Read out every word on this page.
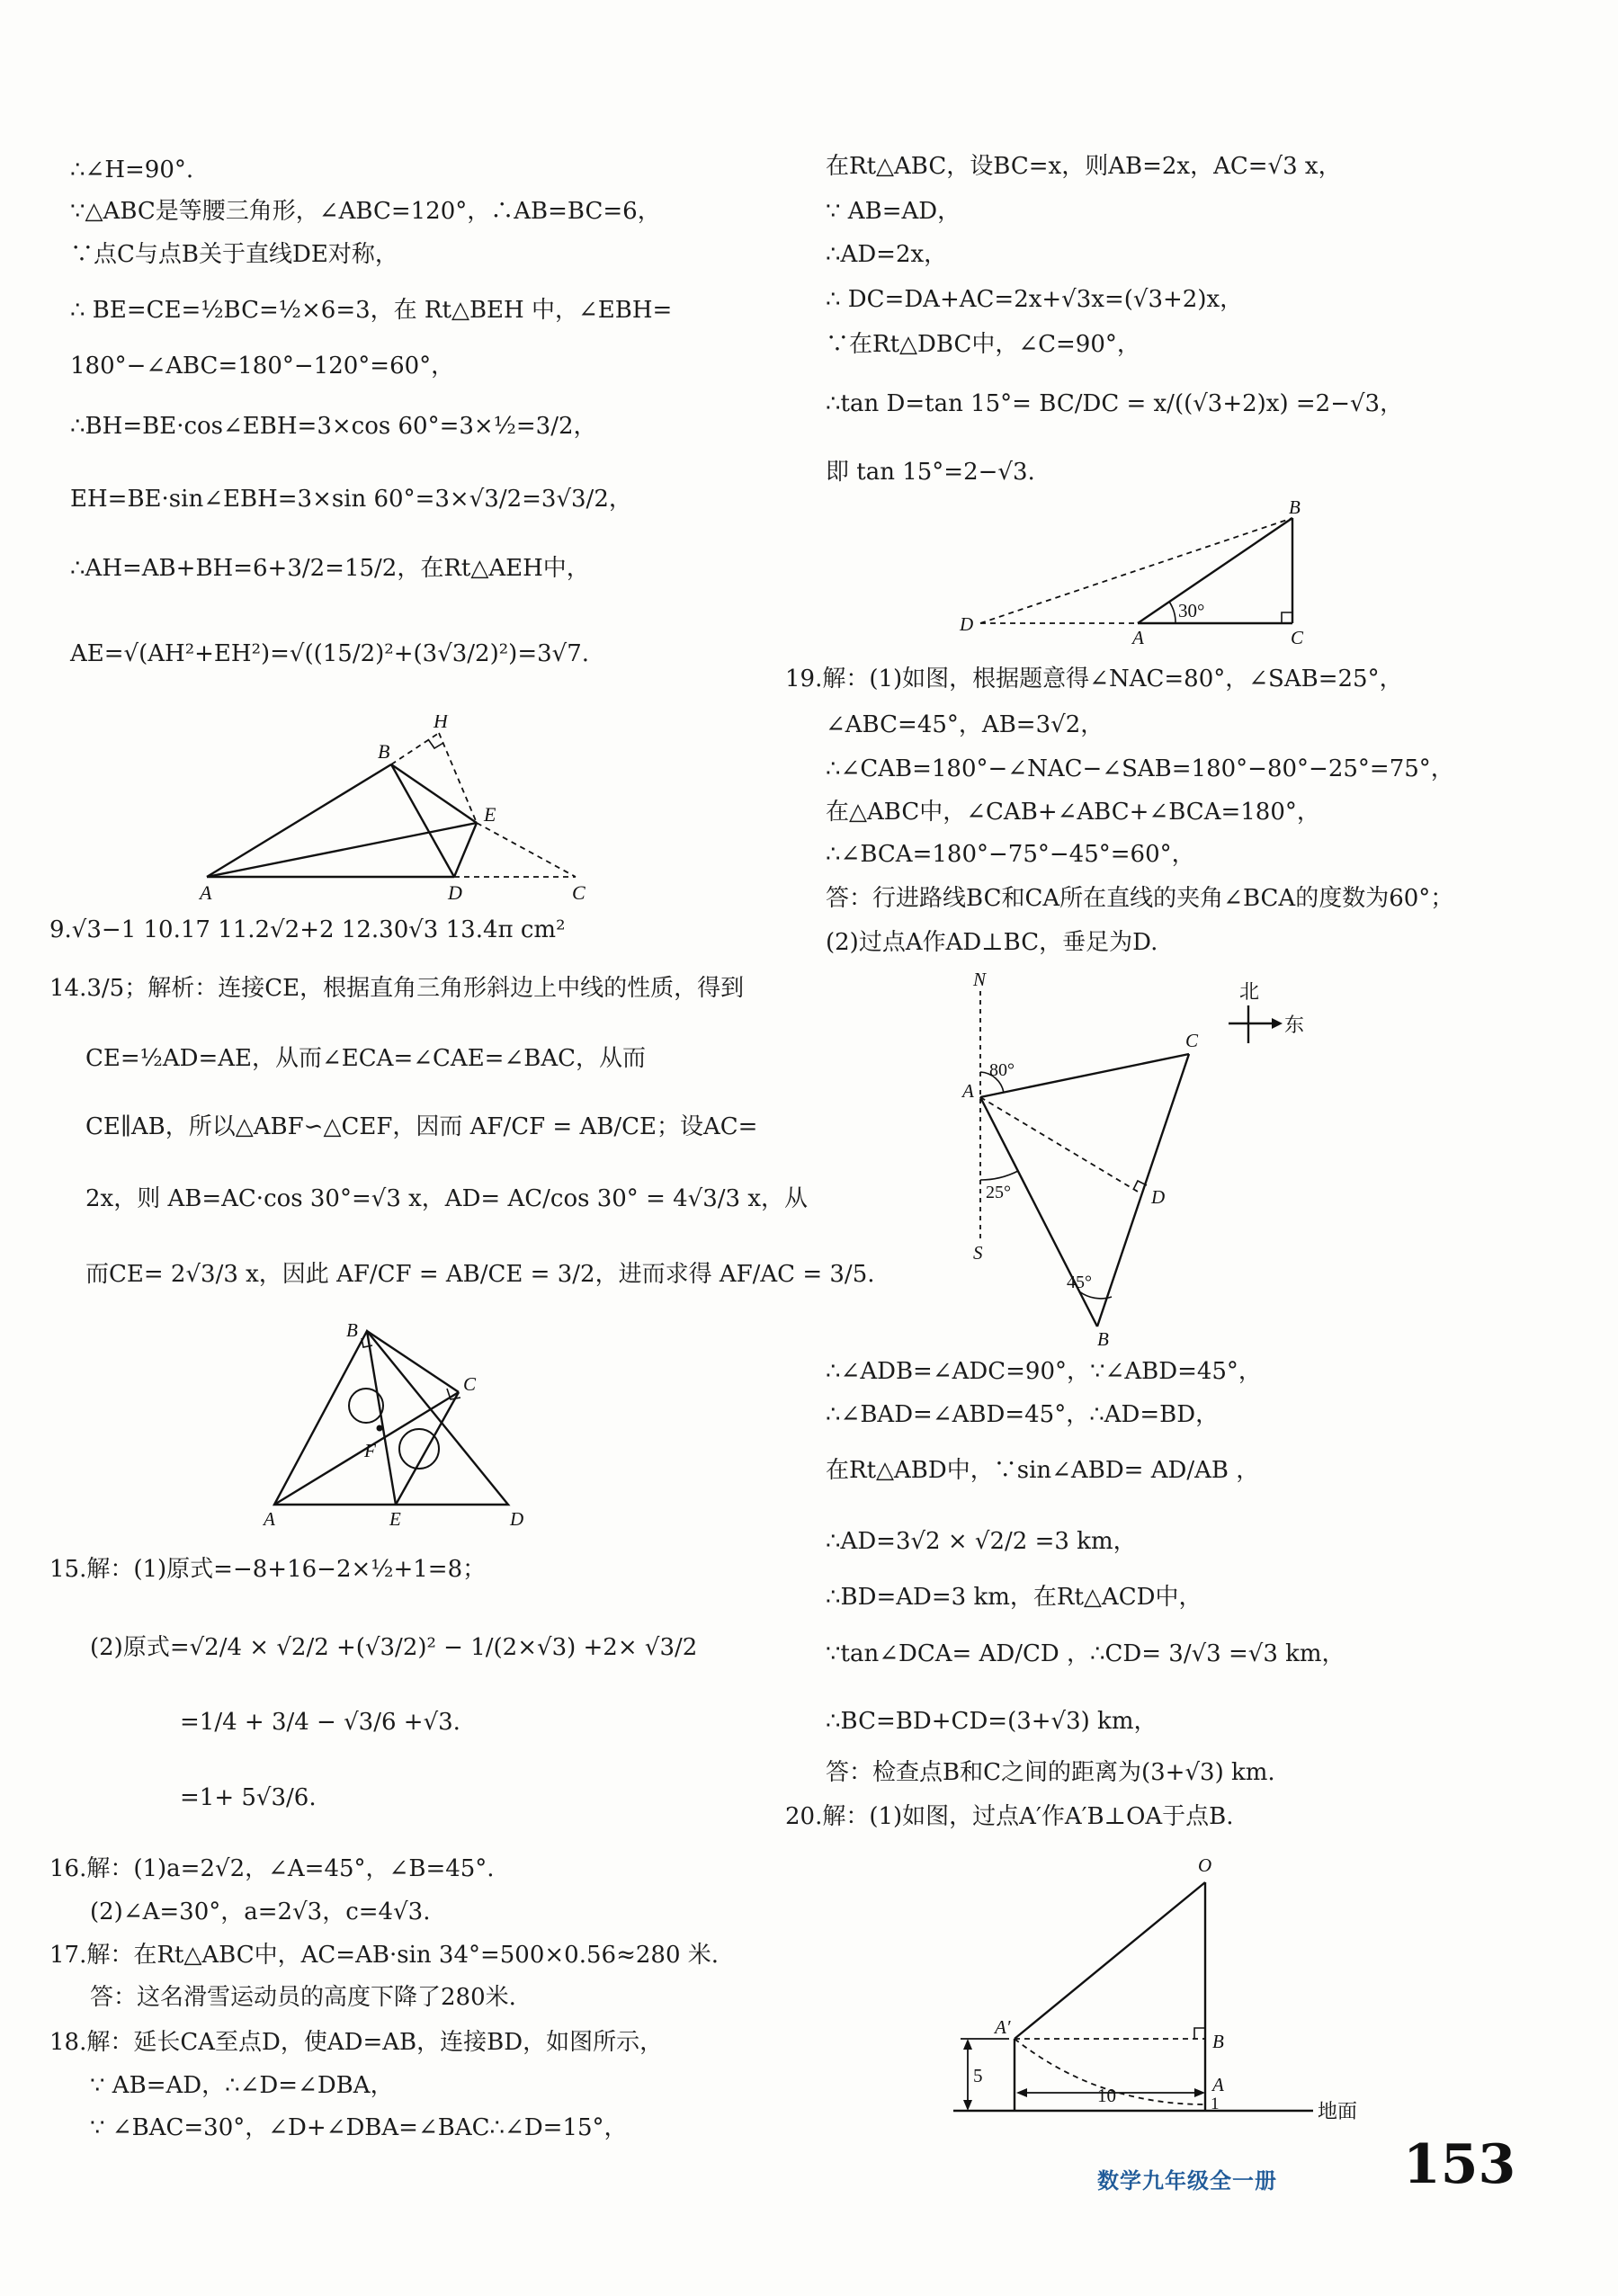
∴∠H=90°.
∵△ABC是等腰三角形，∠ABC=120°，∴AB=BC=6，
∵点C与点B关于直线DE对称，
∴ BE=CE=½BC=½×6=3，在 Rt△BEH 中，∠EBH=
180°−∠ABC=180°−120°=60°，
∴BH=BE·cos∠EBH=3×cos 60°=3×½=3/2，
EH=BE·sin∠EBH=3×sin 60°=3×√3/2=3√3/2，
∴AH=AB+BH=6+3/2=15/2，在Rt△AEH中，
AE=√(AH²+EH²)=√((15/2)²+(3√3/2)²)=3√7.
H
B
E
A	D	C
9.√3−1 10.17 11.2√2+2 12.30√3 13.4π cm²
14.3/5；解析：连接CE，根据直角三角形斜边上中线的性质，得到
CE=½AD=AE，从而∠ECA=∠CAE=∠BAC，从而
CE∥AB，所以△ABF∽△CEF，因而 AF/CF = AB/CE；设AC=
2x，则 AB=AC·cos 30°=√3 x，AD= AC/cos 30° = 4√3/3 x，从
而CE= 2√3/3 x，因此 AF/CF = AB/CE = 3/2，进而求得 AF/AC = 3/5.
B
C
F
A	E	D
15.解：(1)原式=−8+16−2×½+1=8；
(2)原式=√2/4 × √2/2 +(√3/2)² − 1/(2×√3) +2× √3/2
=1/4 + 3/4 − √3/6 +√3.
=1+ 5√3/6.
16.解：(1)a=2√2，∠A=45°，∠B=45°.
(2)∠A=30°，a=2√3，c=4√3.
17.解：在Rt△ABC中，AC=AB·sin 34°=500×0.56≈280 米.
答：这名滑雪运动员的高度下降了280米.
18.解：延长CA至点D，使AD=AB，连接BD，如图所示，
∵ AB=AD，∴∠D=∠DBA，
∵ ∠BAC=30°，∠D+∠DBA=∠BAC∴∠D=15°，
在Rt△ABC，设BC=x，则AB=2x，AC=√3 x，
∵ AB=AD，
∴AD=2x，
∴ DC=DA+AC=2x+√3x=(√3+2)x，
∵在Rt△DBC中，∠C=90°，
∴tan D=tan 15°= BC/DC = x/((√3+2)x) =2−√3，
即 tan 15°=2−√3.
B
30°
D
A	C
19.解：(1)如图，根据题意得∠NAC=80°，∠SAB=25°，
∠ABC=45°，AB=3√2，
∴∠CAB=180°−∠NAC−∠SAB=180°−80°−25°=75°，
在△ABC中，∠CAB+∠ABC+∠BCA=180°，
∴∠BCA=180°−75°−45°=60°，
答：行进路线BC和CA所在直线的夹角∠BCA的度数为60°；
(2)过点A作AD⊥BC，垂足为D.
N
北
东
C
80°
A
D
25°
S
45°
B
∴∠ADB=∠ADC=90°，∵∠ABD=45°，
∴∠BAD=∠ABD=45°，∴AD=BD，
在Rt△ABD中，∵sin∠ABD= AD/AB ，
∴AD=3√2 × √2/2 =3 km，
∴BD=AD=3 km，在Rt△ACD中，
∵tan∠DCA= AD/CD ，∴CD= 3/√3 =√3 km，
∴BC=BD+CD=(3+√3) km，
答：检查点B和C之间的距离为(3+√3) km.
20.解：(1)如图，过点A′作A′B⊥OA于点B.
O
A′
B
5	A
10	1	地面
数学九年级全一册 153
